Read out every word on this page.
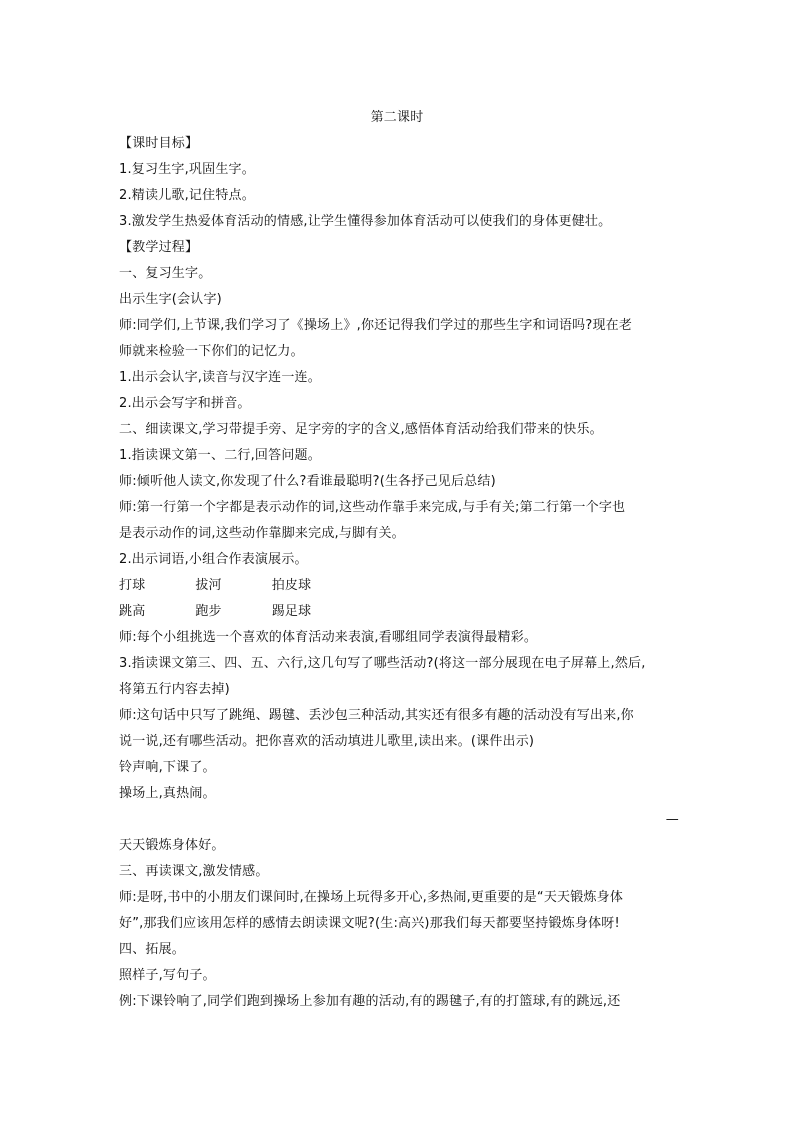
第二课时
【课时目标】
1.复习生字,巩固生字。
2.精读儿歌,记住特点。
3.激发学生热爱体育活动的情感,让学生懂得参加体育活动可以使我们的身体更健壮。
【教学过程】
一、复习生字。
出示生字(会认字)
师:同学们,上节课,我们学习了《操场上》,你还记得我们学过的那些生字和词语吗?现在老
师就来检验一下你们的记忆力。
1.出示会认字,读音与汉字连一连。
2.出示会写字和拼音。
二、细读课文,学习带提手旁、足字旁的字的含义,感悟体育活动给我们带来的快乐。
1.指读课文第一、二行,回答问题。
师:倾听他人读文,你发现了什么?看谁最聪明?(生各抒己见后总结)
师:第一行第一个字都是表示动作的词,这些动作靠手来完成,与手有关;第二行第一个字也
是表示动作的词,这些动作靠脚来完成,与脚有关。
2.出示词语,小组合作表演展示。
打球	拔河	拍皮球
跳高	跑步	踢足球
师:每个小组挑选一个喜欢的体育活动来表演,看哪组同学表演得最精彩。
3.指读课文第三、四、五、六行,这几句写了哪些活动?(将这一部分展现在电子屏幕上,然后,
将第五行内容去掉)
师:这句话中只写了跳绳、踢毽、丢沙包三种活动,其实还有很多有趣的活动没有写出来,你
说一说,还有哪些活动。把你喜欢的活动填进儿歌里,读出来。(课件出示)
铃声响,下课了。
操场上,真热闹。
—
天天锻炼身体好。
三、再读课文,激发情感。
师:是呀,书中的小朋友们课间时,在操场上玩得多开心,多热闹,更重要的是“天天锻炼身体
好”,那我们应该用怎样的感情去朗读课文呢?(生:高兴)那我们每天都要坚持锻炼身体呀!
四、拓展。
照样子,写句子。
例:下课铃响了,同学们跑到操场上参加有趣的活动,有的踢毽子,有的打篮球,有的跳远,还
